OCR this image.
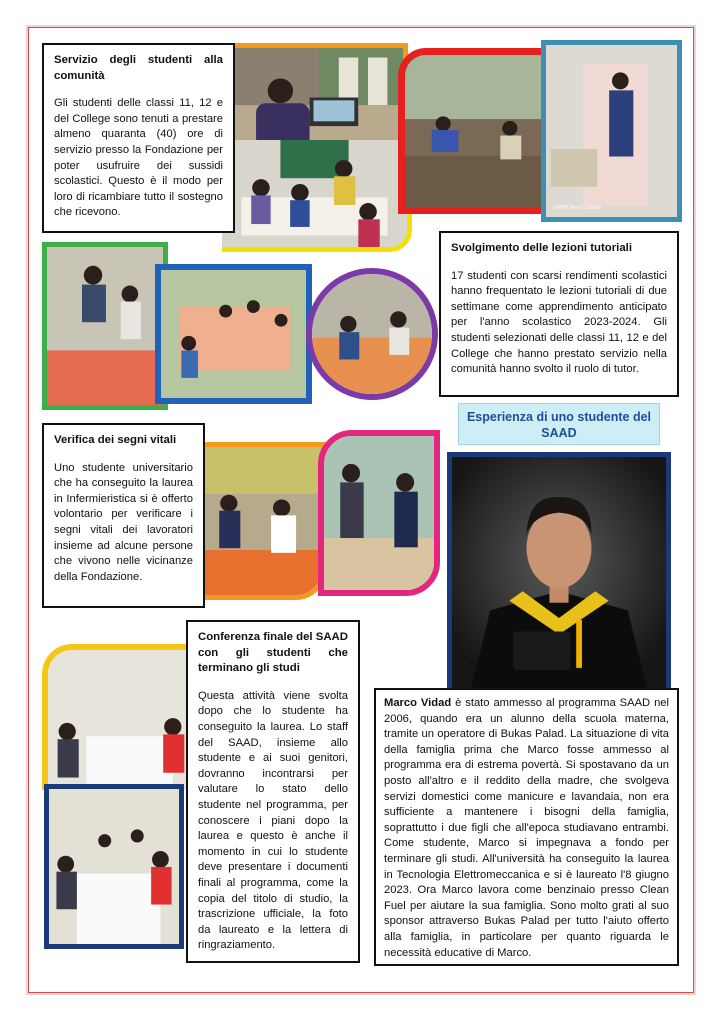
OPPO Reno 5 Series
Servizio degli studenti alla comunità

Gli studenti delle classi 11, 12 e del College sono tenuti a prestare almeno quaranta (40) ore di servizio presso la Fondazione per poter usufruire dei sussidi scolastici. Questo è il modo per loro di ricambiare tutto il sostegno che ricevono.

Svolgimento delle lezioni tutoriali

17 studenti con scarsi rendimenti scolastici hanno frequentato le lezioni tutoriali di due settimane come apprendimento anticipato per l'anno scolastico 2023-2024. Gli studenti selezionati delle classi 11, 12 e del College che hanno prestato servizio nella comunità hanno svolto il ruolo di tutor.

Verifica dei segni vitali

Uno studente universitario che ha conseguito la laurea in Infermieristica si è offerto volontario per verificare i segni vitali dei lavoratori insieme ad alcune persone che vivono nelle vicinanze della Fondazione.

Esperienza di uno studente del SAAD

Marco Vidad è stato ammesso al programma SAAD nel 2006, quando era un alunno della scuola materna, tramite un operatore di Bukas Palad. La situazione di vita della famiglia prima che Marco fosse ammesso al programma era di estrema povertà. Si spostavano da un posto all'altro e il reddito della madre, che svolgeva servizi domestici come manicure e lavandaia, non era sufficiente a mantenere i bisogni della famiglia, soprattutto i due figli che all'epoca studiavano entrambi. Come studente, Marco si impegnava a fondo per terminare gli studi. All'università ha conseguito la laurea in Tecnologia Elettromeccanica e si è laureato l'8 giugno 2023. Ora Marco lavora come benzinaio presso Clean Fuel per aiutare la sua famiglia. Sono molto grati al suo sponsor attraverso Bukas Palad per tutto l'aiuto offerto alla famiglia, in particolare per quanto riguarda le necessità educative di Marco.

Conferenza finale del SAAD con gli studenti che terminano gli studi

Questa attività viene svolta dopo che lo studente ha conseguito la laurea. Lo staff del SAAD, insieme allo studente e ai suoi genitori, dovranno incontrarsi per valutare lo stato dello studente nel programma, per conoscere i piani dopo la laurea e questo è anche il momento in cui lo studente deve presentare i documenti finali al programma, come la copia del titolo di studio, la trascrizione ufficiale, la foto da laureato e la lettera di ringraziamento.
